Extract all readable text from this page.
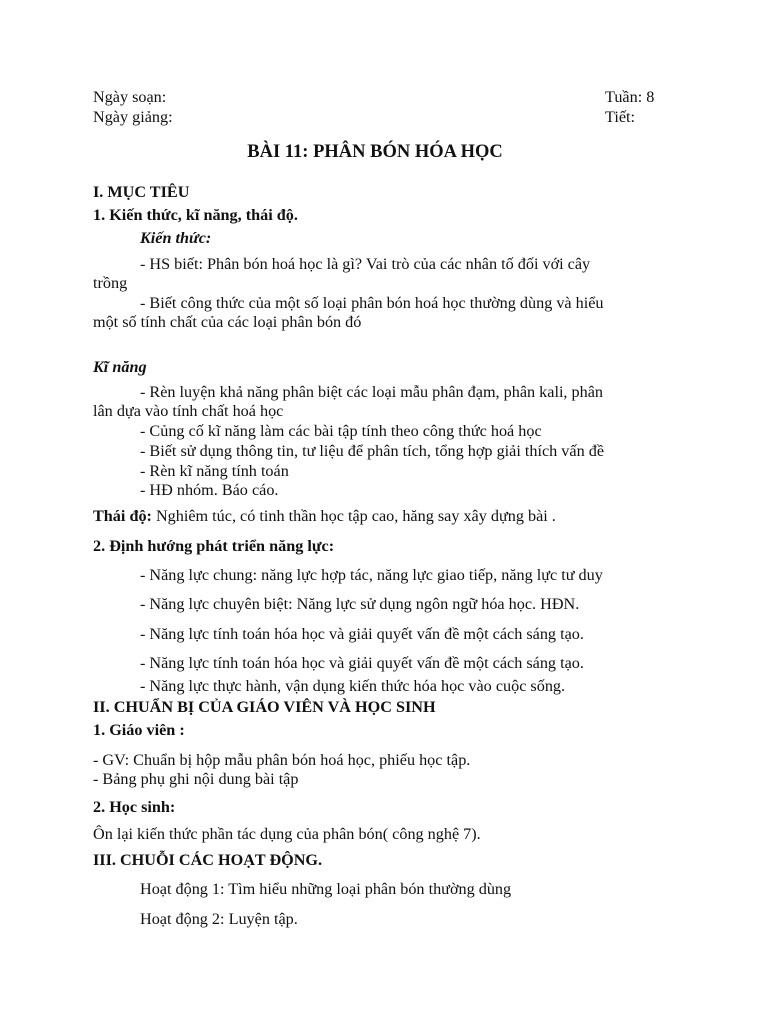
Ngày soạn:	Tuần: 8
Ngày giảng:	Tiết:
BÀI 11: PHÂN BÓN HÓA HỌC
I. MỤC TIÊU
1. Kiến thức, kĩ năng, thái độ.
Kiến thức:
- HS biết: Phân bón hoá học là gì? Vai trò của các nhân tố đối với cây
trồng
- Biết công thức của một số loại phân bón hoá học thường dùng và hiểu
một số tính chất của các loại phân bón đó
Kĩ năng
- Rèn luyện khả năng phân biệt các loại mẫu phân đạm, phân kali, phân
lân dựa vào tính chất hoá học
- Củng cố kĩ năng làm các bài tập tính theo công thức hoá học
- Biết sử dụng thông tin, tư liệu để phân tích, tổng hợp giải thích vấn đề
- Rèn kĩ năng tính toán
- HĐ nhóm. Báo cáo.
Thái độ: Nghiêm túc, có tinh thần học tập cao, hăng say xây dựng bài .
2. Định hướng phát triển năng lực:
- Năng lực chung: năng lực hợp tác, năng lực giao tiếp, năng lực tư duy
- Năng lực chuyên biệt: Năng lực sử dụng ngôn ngữ hóa học. HĐN.
- Năng lực tính toán hóa học và giải quyết vấn đề một cách sáng tạo.
- Năng lực tính toán hóa học và giải quyết vấn đề một cách sáng tạo.
- Năng lực thực hành, vận dụng kiến thức hóa học vào cuộc sống.
II. CHUẨN BỊ CỦA GIÁO VIÊN VÀ HỌC SINH
1. Giáo viên :
- GV: Chuẩn bị hộp mẫu phân bón hoá học, phiếu học tập.
- Bảng phụ ghi nội dung bài tập
2. Học sinh:
Ôn lại kiến thức phần tác dụng của phân bón( công nghệ 7).
III. CHUỖI CÁC HOẠT ĐỘNG.
Hoạt động 1: Tìm hiểu những loại phân bón thường dùng
Hoạt động 2: Luyện tập.
